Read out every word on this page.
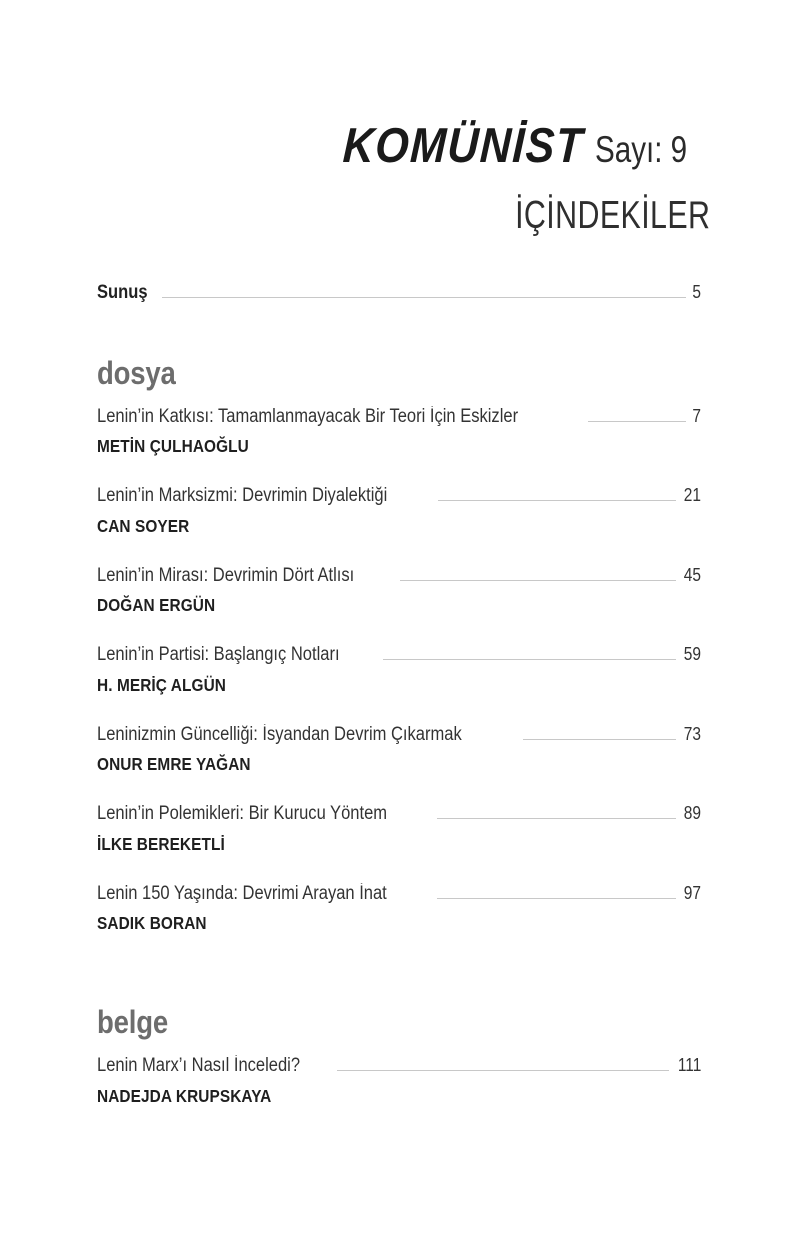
KOMÜNİST Sayı: 9
İÇİNDEKİLER
Sunuş	5
dosya
Lenin’in Katkısı: Tamamlanmayacak Bir Teori İçin Eskizler	7
METİN ÇULHAOĞLU
Lenin’in Marksizmi: Devrimin Diyalektiği	21
CAN SOYER
Lenin’in Mirası: Devrimin Dört Atlısı	45
DOĞAN ERGÜN
Lenin’in Partisi: Başlangıç Notları	59
H. MERİÇ ALGÜN
Leninizmin Güncelliği: İsyandan Devrim Çıkarmak	73
ONUR EMRE YAĞAN
Lenin’in Polemikleri: Bir Kurucu Yöntem	89
İLKE BEREKETLİ
Lenin 150 Yaşında: Devrimi Arayan İnat	97
SADIK BORAN
belge
Lenin Marx’ı Nasıl İnceledi?	111
NADEJDA KRUPSKAYA
